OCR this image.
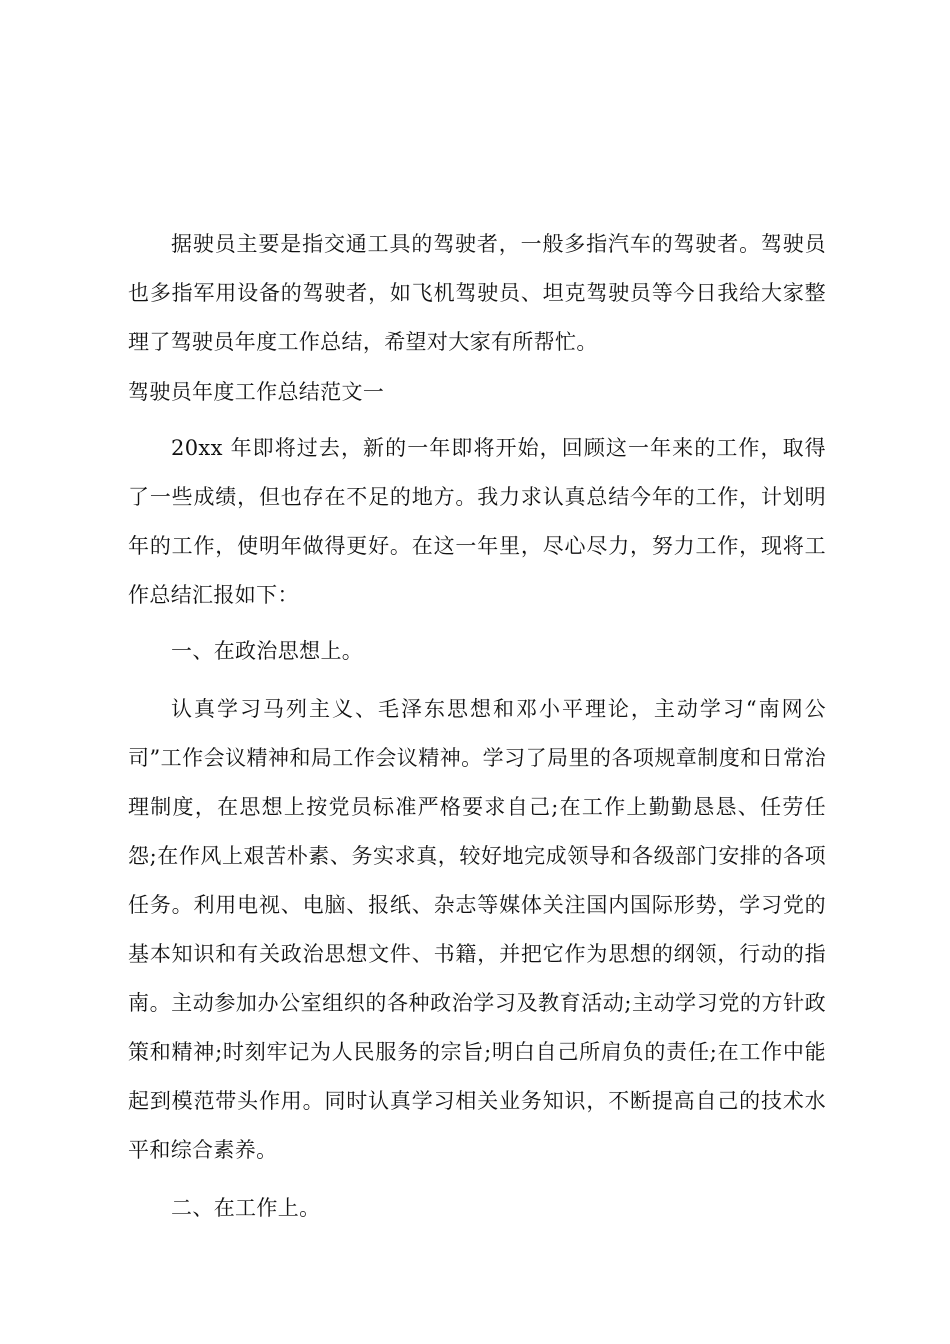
据驶员主要是指交通工具的驾驶者，一般多指汽车的驾驶者。驾驶员也多指军用设备的驾驶者，如飞机驾驶员、坦克驾驶员等今日我给大家整理了驾驶员年度工作总结，希望对大家有所帮忙。

驾驶员年度工作总结范文一

20xx 年即将过去，新的一年即将开始，回顾这一年来的工作，取得了一些成绩，但也存在不足的地方。我力求认真总结今年的工作，计划明年的工作，使明年做得更好。在这一年里，尽心尽力，努力工作，现将工作总结汇报如下：

一、在政治思想上。

认真学习马列主义、毛泽东思想和邓小平理论，主动学习“南网公司”工作会议精神和局工作会议精神。学习了局里的各项规章制度和日常治理制度，在思想上按党员标准严格要求自己;在工作上勤勤恳恳、任劳任怨;在作风上艰苦朴素、务实求真，较好地完成领导和各级部门安排的各项任务。利用电视、电脑、报纸、杂志等媒体关注国内国际形势，学习党的基本知识和有关政治思想文件、书籍，并把它作为思想的纲领，行动的指南。主动参加办公室组织的各种政治学习及教育活动;主动学习党的方针政策和精神;时刻牢记为人民服务的宗旨;明白自己所肩负的责任;在工作中能起到模范带头作用。同时认真学习相关业务知识，不断提高自己的技术水平和综合素养。

二、在工作上。
